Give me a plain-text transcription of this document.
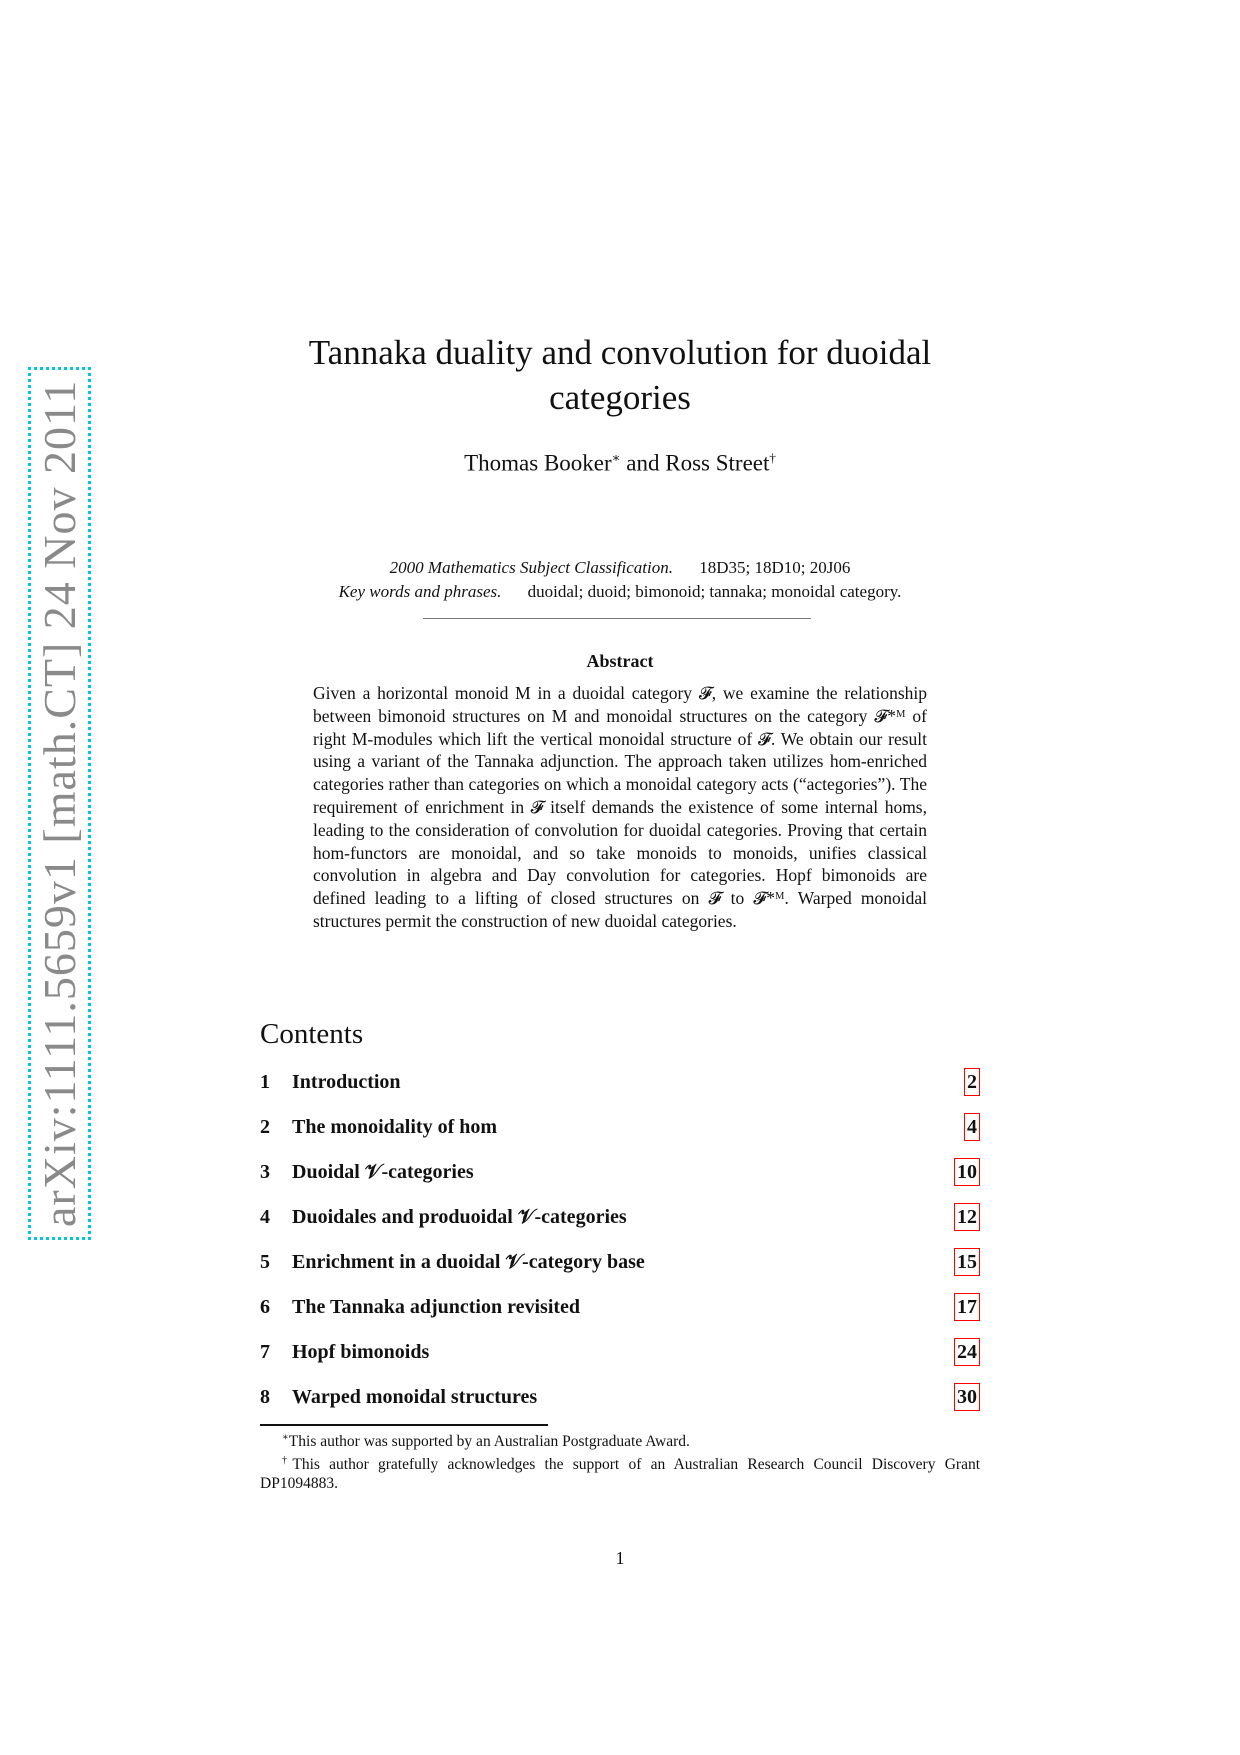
arXiv:1111.5659v1 [math.CT] 24 Nov 2011
Tannaka duality and convolution for duoidal categories
Thomas Booker∗ and Ross Street†
2000 Mathematics Subject Classification. 18D35; 18D10; 20J06
Key words and phrases. duoidal; duoid; bimonoid; tannaka; monoidal category.
Abstract
Given a horizontal monoid M in a duoidal category 𝓕, we examine the relationship between bimonoid structures on M and monoidal structures on the category 𝓕*ᴹ of right M-modules which lift the vertical monoidal structure of 𝓕. We obtain our result using a variant of the Tannaka adjunction. The approach taken utilizes hom-enriched categories rather than categories on which a monoidal category acts (“actegories”). The requirement of enrichment in 𝓕 itself demands the existence of some internal homs, leading to the consideration of convolution for duoidal categories. Proving that certain hom-functors are monoidal, and so take monoids to monoids, unifies classical convolution in algebra and Day convolution for categories. Hopf bimonoids are defined leading to a lifting of closed structures on 𝓕 to 𝓕*ᴹ. Warped monoidal structures permit the construction of new duoidal categories.
Contents
1 Introduction	2
2 The monoidality of hom	4
3 Duoidal 𝒱-categories	10
4 Duoidales and produoidal 𝒱-categories	12
5 Enrichment in a duoidal 𝒱-category base	15
6 The Tannaka adjunction revisited	17
7 Hopf bimonoids	24
8 Warped monoidal structures	30

∗This author was supported by an Australian Postgraduate Award.

†This author gratefully acknowledges the support of an Australian Research Council Discovery Grant DP1094883.

1
